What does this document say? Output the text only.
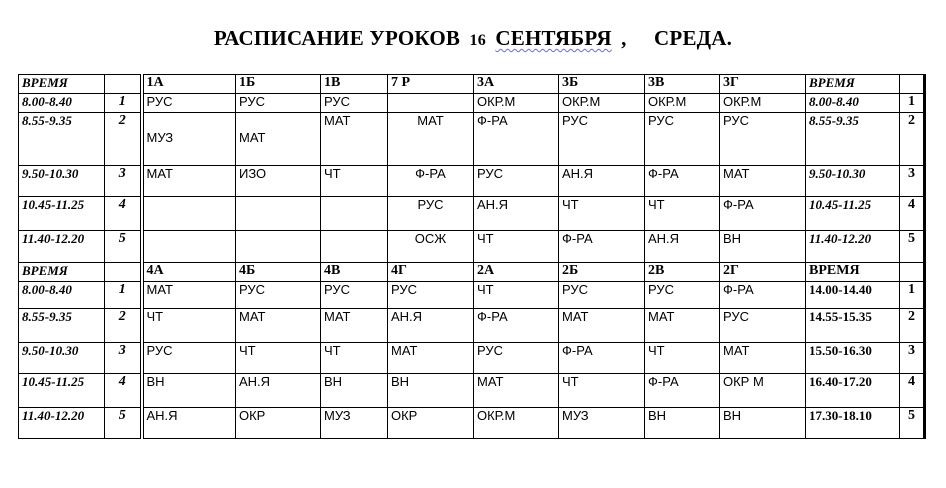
РАСПИСАНИЕ УРОКОВ 16 СЕНТЯБРЯ , СРЕДА.
ВРЕМЯ		1А	1Б	1В	7 Р	3А	3Б	3В	3Г	ВРЕМЯ	
8.00-8.40	1	РУС	РУС	РУС		ОКР.М	ОКР.М	ОКР.М	ОКР.М	8.00-8.40	1
8.55-9.35	2	МУЗ	МАТ	МАТ	МАТ	Ф-РА	РУС	РУС	РУС	8.55-9.35	2
9.50-10.30	3	МАТ	ИЗО	ЧТ	Ф-РА	РУС	АН.Я	Ф-РА	МАТ	9.50-10.30	3
10.45-11.25	4				РУС	АН.Я	ЧТ	ЧТ	Ф-РА	10.45-11.25	4
11.40-12.20	5				ОСЖ	ЧТ	Ф-РА	АН.Я	ВН	11.40-12.20	5
ВРЕМЯ		4А	4Б	4В	4Г	2А	2Б	2В	2Г	ВРЕМЯ	
8.00-8.40	1	МАТ	РУС	РУС	РУС	ЧТ	РУС	РУС	Ф-РА	14.00-14.40	1
8.55-9.35	2	ЧТ	МАТ	МАТ	АН.Я	Ф-РА	МАТ	МАТ	РУС	14.55-15.35	2
9.50-10.30	3	РУС	ЧТ	ЧТ	МАТ	РУС	Ф-РА	ЧТ	МАТ	15.50-16.30	3
10.45-11.25	4	ВН	АН.Я	ВН	ВН	МАТ	ЧТ	Ф-РА	ОКР М	16.40-17.20	4
11.40-12.20	5	АН.Я	ОКР	МУЗ	ОКР	ОКР.М	МУЗ	ВН	ВН	17.30-18.10	5
